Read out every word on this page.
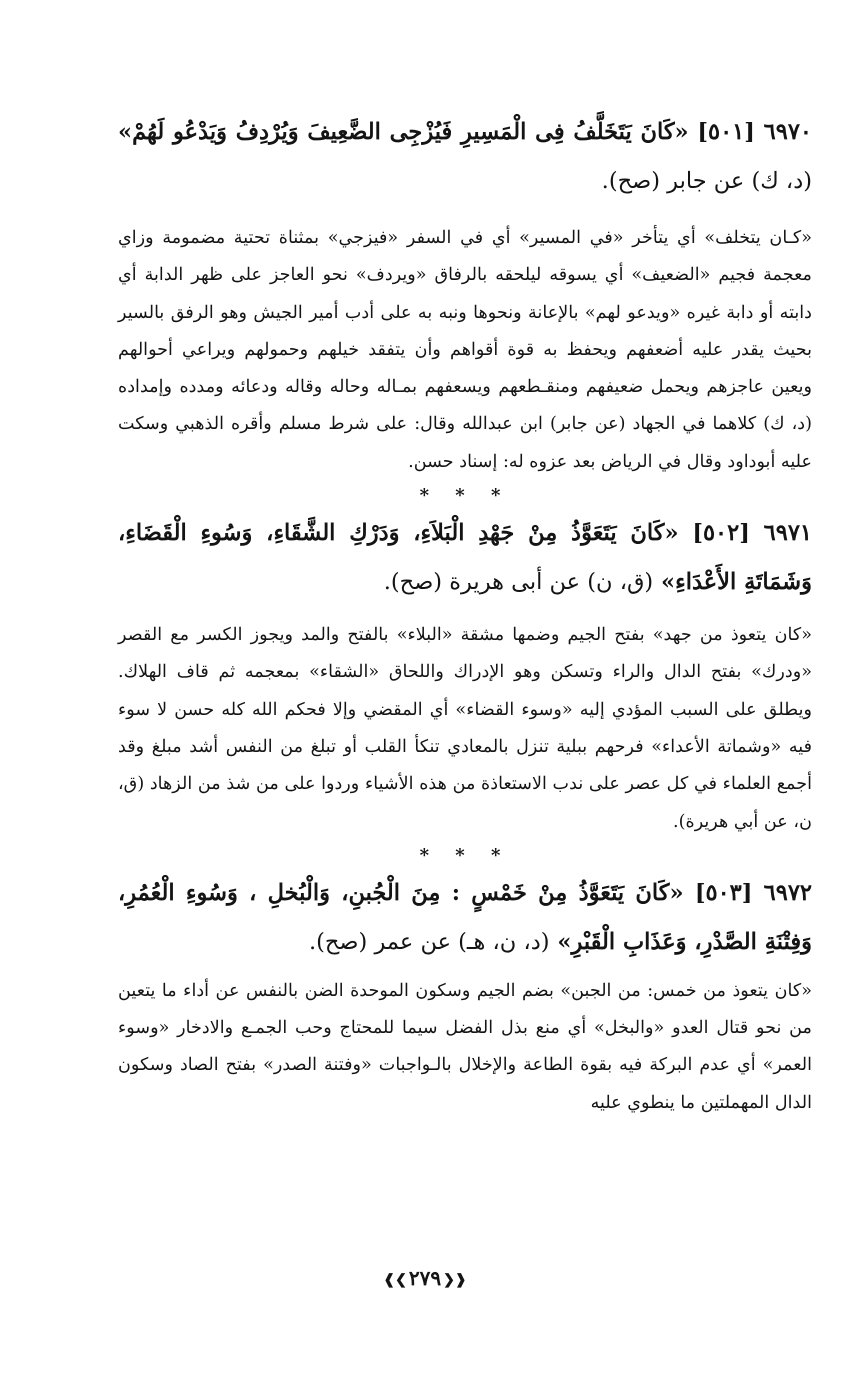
٦٩٧٠ [٥٠١] «كَانَ يَتَخَلَّفُ فِى الْمَسِيرِ فَيُزْجِى الضَّعِيفَ وَيُرْدِفُ وَيَدْعُو لَهُمْ» (د، ك) عن جابر (صح).

«كـان يتخلف» أي يتأخر «في المسير» أي في السفر «فيزجي» بمثناة تحتية مضمومة وزاي معجمة فجيم «الضعيف» أي يسوقه ليلحقه بالرفاق «ويردف» نحو العاجز على ظهر الدابة أي دابته أو دابة غيره «ويدعو لهم» بالإعانة ونحوها ونبه به على أدب أمير الجيش وهو الرفق بالسير بحيث يقدر عليه أضعفهم ويحفظ به قوة أقواهم وأن يتفقد خيلهم وحمولهم ويراعي أحوالهم ويعين عاجزهم ويحمل ضعيفهم ومنقـطعهم ويسعفهم بمـاله وحاله وقاله ودعائه ومدده وإمداده (د، ك) كلاهما في الجهاد (عن جابر) ابن عبدالله وقال: على شرط مسلم وأقره الذهبي وسكت عليه أبوداود وقال في الرياض بعد عزوه له: إسناد حسن.

* * *

٦٩٧١ [٥٠٢] «كَانَ يَتَعَوَّذُ مِنْ جَهْدِ الْبَلاَءِ، وَدَرْكِ الشَّقَاءِ، وَسُوءِ الْقَضَاءِ، وَشَمَاتَةِ الأَعْدَاءِ» (ق، ن) عن أبى هريرة (صح).

«كان يتعوذ من جهد» بفتح الجيم وضمها مشقة «البلاء» بالفتح والمد ويجوز الكسر مع القصر «ودرك» بفتح الدال والراء وتسكن وهو الإدراك واللحاق «الشقاء» بمعجمه ثم قاف الهلاك. ويطلق على السبب المؤدي إليه «وسوء القضاء» أي المقضي وإلا فحكم الله كله حسن لا سوء فيه «وشماتة الأعداء» فرحهم ببلية تنزل بالمعادي تنكأ القلب أو تبلغ من النفس أشد مبلغ وقد أجمع العلماء في كل عصر على ندب الاستعاذة من هذه الأشياء وردوا على من شذ من الزهاد (ق، ن، عن أبي هريرة).

* * *

٦٩٧٢ [٥٠٣] «كَانَ يَتَعَوَّذُ مِنْ خَمْسٍ : مِنَ الْجُبنِ، وَالْبُخلِ ، وَسُوءِ الْعُمُرِ، وَفِتْنَةِ الصَّدْرِ، وَعَذَابِ الْقَبْرِ» (د، ن، هـ) عن عمر (صح).

«كان يتعوذ من خمس: من الجبن» بضم الجيم وسكون الموحدة الضن بالنفس عن أداء ما يتعين من نحو قتال العدو «والبخل» أي منع بذل الفضل سيما للمحتاج وحب الجمـع والادخار «وسوء العمر» أي عدم البركة فيه بقوة الطاعة والإخلال بالـواجبات «وفتنة الصدر» بفتح الصاد وسكون الدال المهملتين ما ينطوي عليه

❰❮٢٧٩❯❱
